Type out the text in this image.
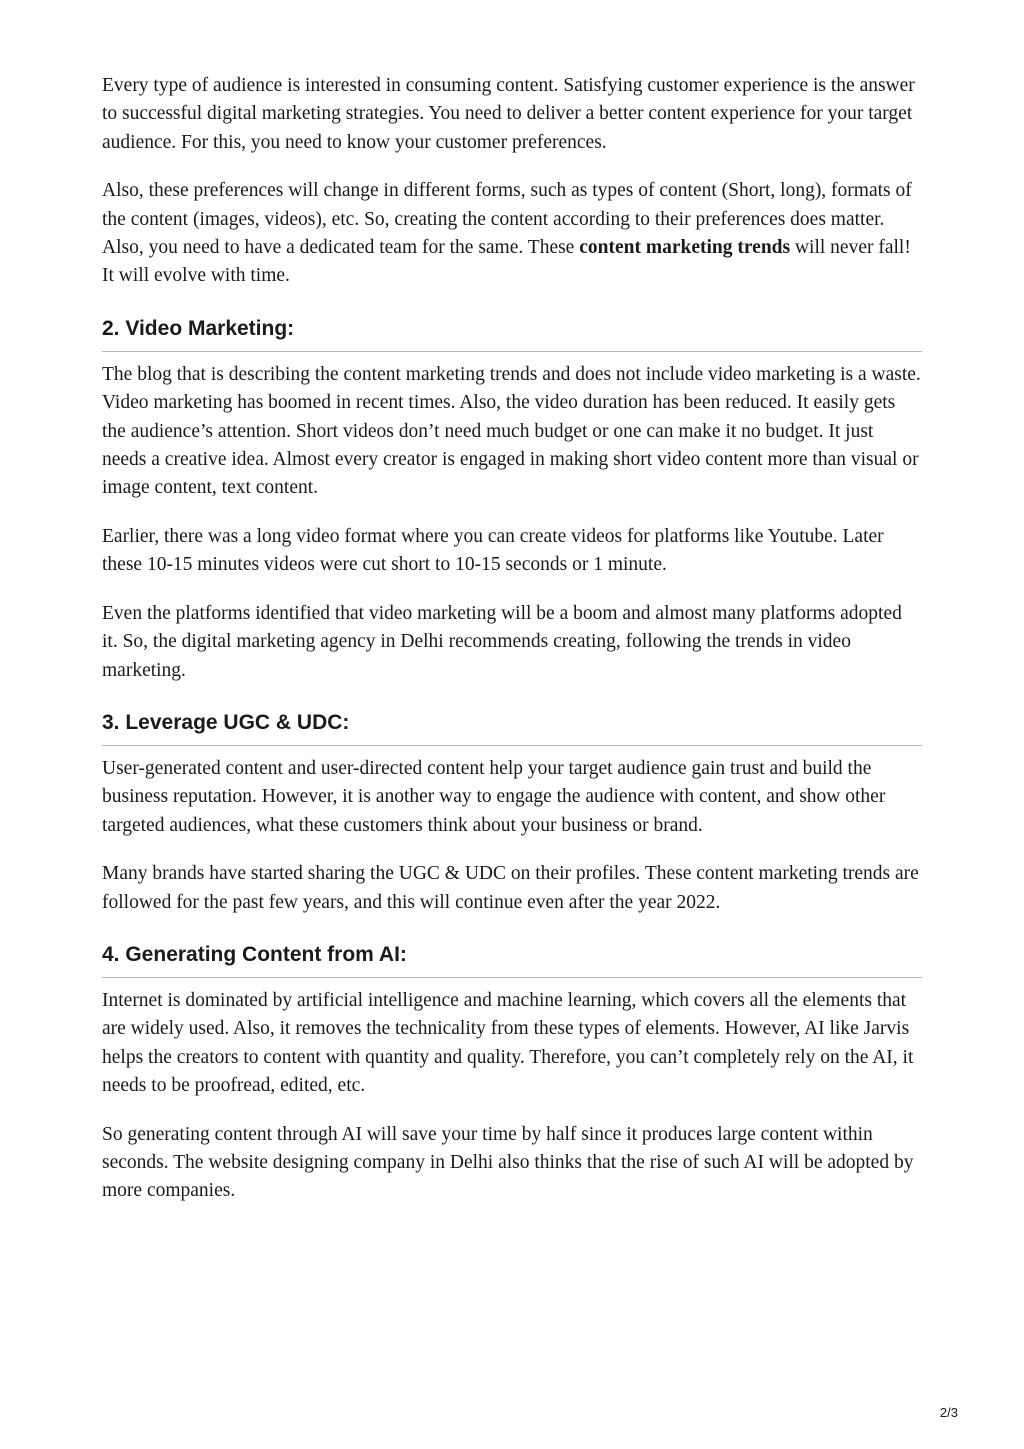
Every type of audience is interested in consuming content. Satisfying customer experience is the answer to successful digital marketing strategies. You need to deliver a better content experience for your target audience. For this, you need to know your customer preferences.

Also, these preferences will change in different forms, such as types of content (Short, long), formats of the content (images, videos), etc. So, creating the content according to their preferences does matter. Also, you need to have a dedicated team for the same. These content marketing trends will never fall! It will evolve with time.

2. Video Marketing:

The blog that is describing the content marketing trends and does not include video marketing is a waste. Video marketing has boomed in recent times. Also, the video duration has been reduced. It easily gets the audience’s attention. Short videos don’t need much budget or one can make it no budget. It just needs a creative idea. Almost every creator is engaged in making short video content more than visual or image content, text content.

Earlier, there was a long video format where you can create videos for platforms like Youtube. Later these 10-15 minutes videos were cut short to 10-15 seconds or 1 minute.

Even the platforms identified that video marketing will be a boom and almost many platforms adopted it. So, the digital marketing agency in Delhi recommends creating, following the trends in video marketing.

3. Leverage UGC & UDC:

User-generated content and user-directed content help your target audience gain trust and build the business reputation. However, it is another way to engage the audience with content, and show other targeted audiences, what these customers think about your business or brand.

Many brands have started sharing the UGC & UDC on their profiles. These content marketing trends are followed for the past few years, and this will continue even after the year 2022.

4. Generating Content from AI:

Internet is dominated by artificial intelligence and machine learning, which covers all the elements that are widely used. Also, it removes the technicality from these types of elements. However, AI like Jarvis helps the creators to content with quantity and quality. Therefore, you can’t completely rely on the AI, it needs to be proofread, edited, etc.

So generating content through AI will save your time by half since it produces large content within seconds. The website designing company in Delhi also thinks that the rise of such AI will be adopted by more companies.

2/3
